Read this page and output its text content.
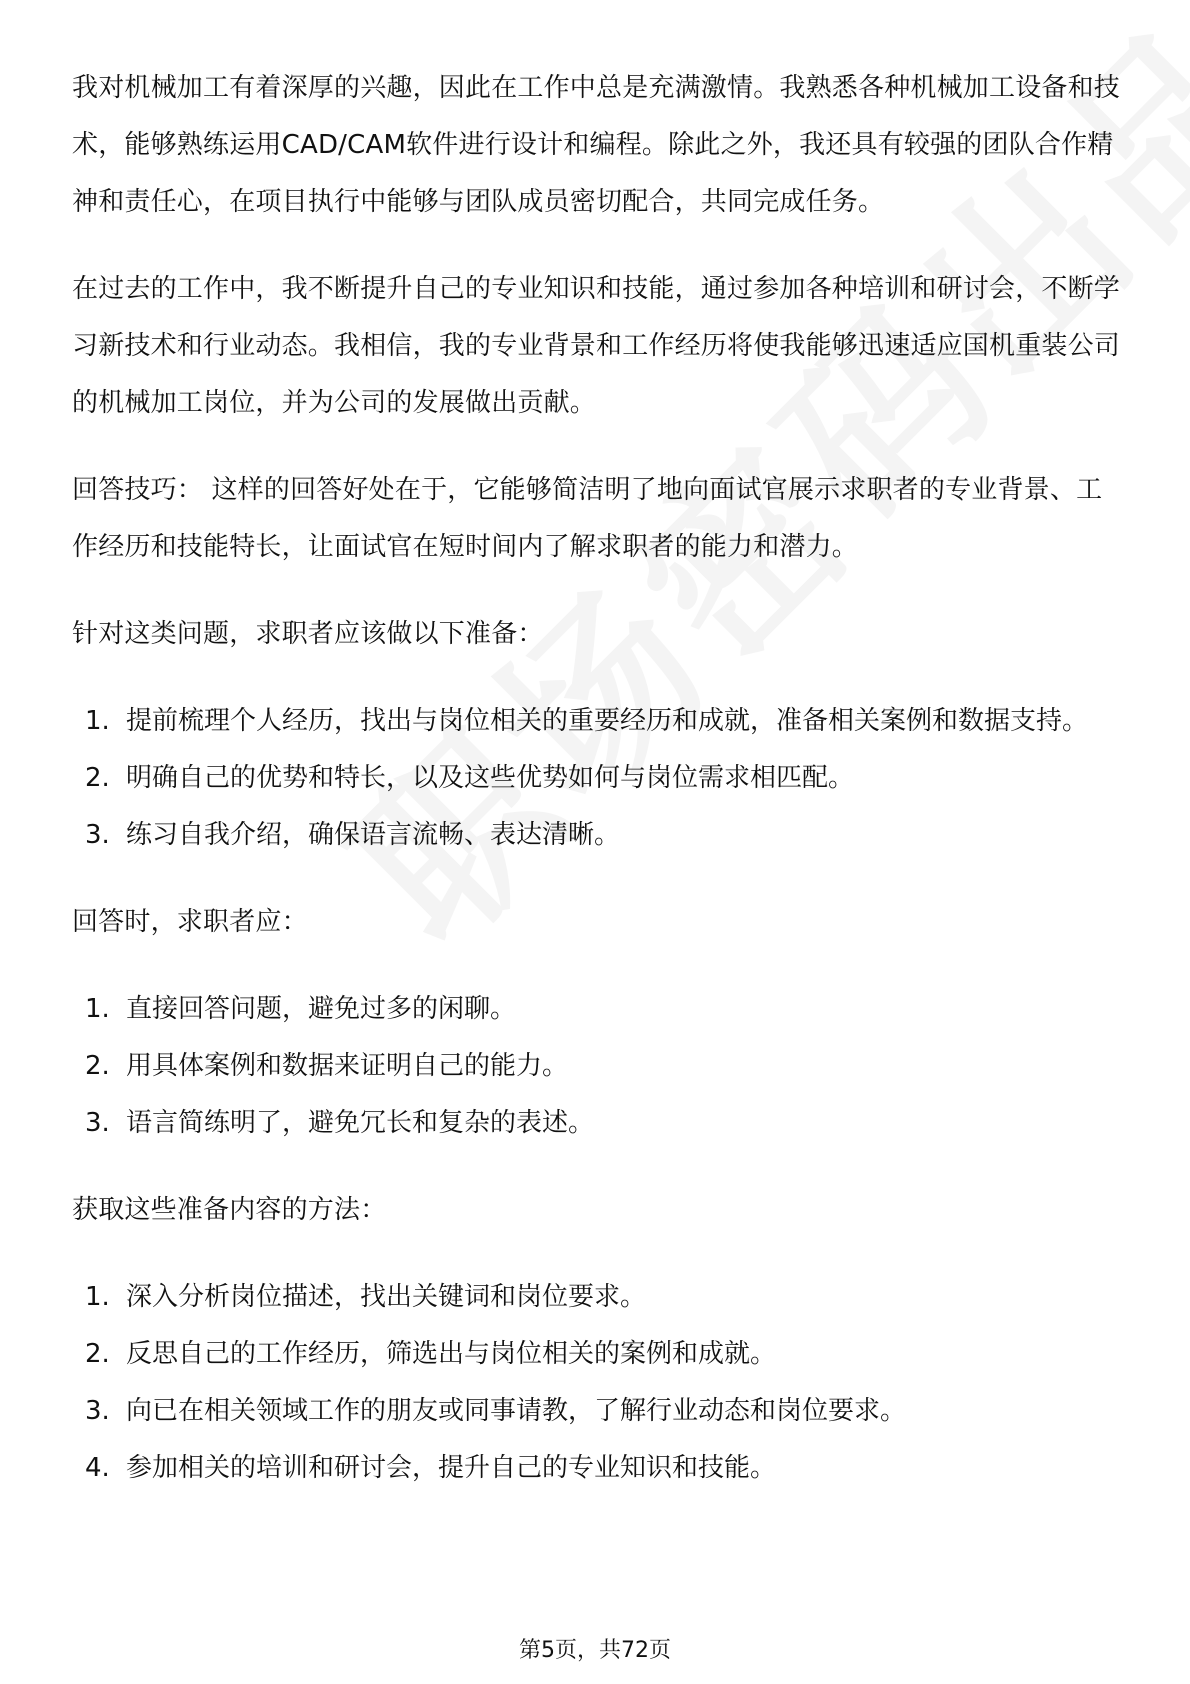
我对机械加工有着深厚的兴趣，因此在工作中总是充满激情。我熟悉各种机械加工设备和技术，能够熟练运用CAD/CAM软件进行设计和编程。除此之外，我还具有较强的团队合作精神和责任心，在项目执行中能够与团队成员密切配合，共同完成任务。

在过去的工作中，我不断提升自己的专业知识和技能，通过参加各种培训和研讨会，不断学习新技术和行业动态。我相信，我的专业背景和工作经历将使我能够迅速适应国机重装公司的机械加工岗位，并为公司的发展做出贡献。

回答技巧： 这样的回答好处在于，它能够简洁明了地向面试官展示求职者的专业背景、工作经历和技能特长，让面试官在短时间内了解求职者的能力和潜力。

针对这类问题，求职者应该做以下准备：

1. 提前梳理个人经历，找出与岗位相关的重要经历和成就，准备相关案例和数据支持。
2. 明确自己的优势和特长，以及这些优势如何与岗位需求相匹配。
3. 练习自我介绍，确保语言流畅、表达清晰。

回答时，求职者应：

1. 直接回答问题，避免过多的闲聊。
2. 用具体案例和数据来证明自己的能力。
3. 语言简练明了，避免冗长和复杂的表述。

获取这些准备内容的方法：

1. 深入分析岗位描述，找出关键词和岗位要求。
2. 反思自己的工作经历，筛选出与岗位相关的案例和成就。
3. 向已在相关领域工作的朋友或同事请教，了解行业动态和岗位要求。
4. 参加相关的培训和研讨会，提升自己的专业知识和技能。
第5页，共72页
